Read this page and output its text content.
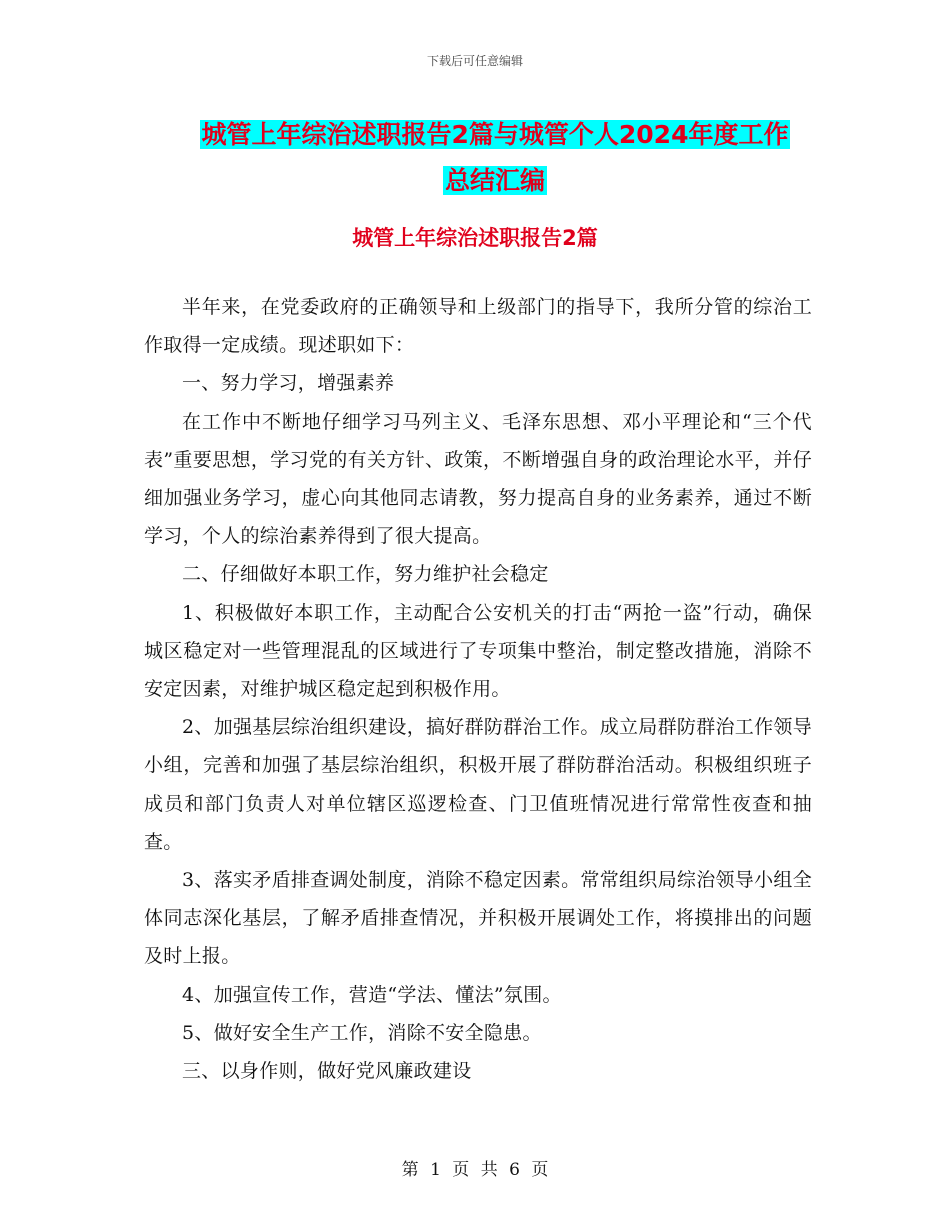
下载后可任意编辑
城管上年综治述职报告2篇与城管个人2024年度工作
总结汇编
城管上年综治述职报告2篇

半年来，在党委政府的正确领导和上级部门的指导下，我所分管的综治工作取得一定成绩。现述职如下：

一、努力学习，增强素养

在工作中不断地仔细学习马列主义、毛泽东思想、邓小平理论和“三个代表”重要思想，学习党的有关方针、政策，不断增强自身的政治理论水平，并仔细加强业务学习，虚心向其他同志请教，努力提高自身的业务素养，通过不断学习，个人的综治素养得到了很大提高。

二、仔细做好本职工作，努力维护社会稳定

1、积极做好本职工作，主动配合公安机关的打击“两抢一盗”行动，确保城区稳定对一些管理混乱的区域进行了专项集中整治，制定整改措施，消除不安定因素，对维护城区稳定起到积极作用。

2、加强基层综治组织建设，搞好群防群治工作。成立局群防群治工作领导小组，完善和加强了基层综治组织，积极开展了群防群治活动。积极组织班子成员和部门负责人对单位辖区巡逻检查、门卫值班情况进行常常性夜查和抽查。

3、落实矛盾排查调处制度，消除不稳定因素。常常组织局综治领导小组全体同志深化基层，了解矛盾排查情况，并积极开展调处工作，将摸排出的问题及时上报。

4、加强宣传工作，营造“学法、懂法”氛围。

5、做好安全生产工作，消除不安全隐患。

三、以身作则，做好党风廉政建设

第 1 页 共 6 页
